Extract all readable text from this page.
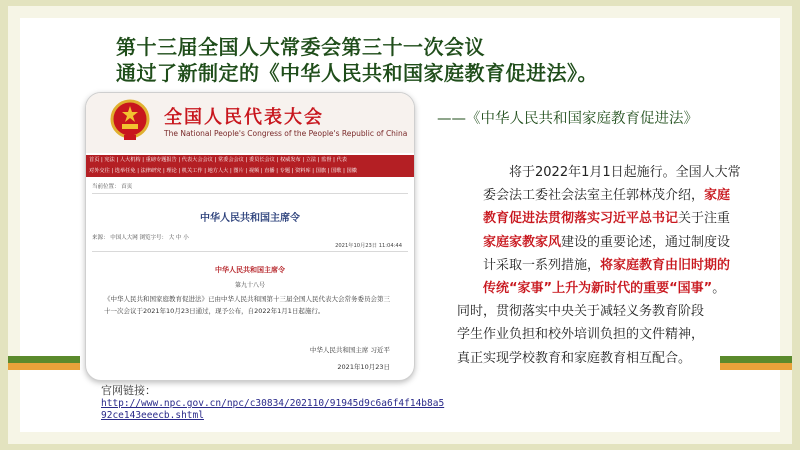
第十三届全国人大常委会第三十一次会议
通过了新制定的《中华人民共和国家庭教育促进法》。
全国人民代表大会
The National People's Congress of the People's Republic of China
首页 | 宪法 | 人大机构 | 重磅专题报告 | 代表大会会议 | 常委会会议 | 委员长会议 | 权威发布 | 立法 | 监督 | 代表
对外交往 | 选举任免 | 法律研究 | 理论 | 机关工作 | 地方人大 | 图片 | 视频 | 直播 | 专题 | 资料库 | 国旗 | 国歌 | 国徽
当前位置： 首页
中华人民共和国主席令
来源： 中国人大网 浏览字号： 大 中 小
2021年10月23日 11:04:44
中华人民共和国主席令
第九十八号
《中华人民共和国家庭教育促进法》已由中华人民共和国第十三届全国人民代表大会常务委员会第三十一次会议于2021年10月23日通过，现予公布，自2022年1月1日起施行。
中华人民共和国主席 习近平
2021年10月23日
官网链接：
http://www.npc.gov.cn/npc/c30834/202110/91945d9c6a6f4f14b8a592ce143eeecb.shtml
——《中华人民共和国家庭教育促进法》
将于2022年1月1日起施行。全国人大常
委会法工委社会法室主任郭林茂介绍，家庭
教育促进法贯彻落实习近平总书记关于注重
家庭家教家风建设的重要论述，通过制度设
计采取一系列措施，将家庭教育由旧时期的
传统“家事”上升为新时代的重要“国事”。
同时，贯彻落实中央关于减轻义务教育阶段
学生作业负担和校外培训负担的文件精神，
真正实现学校教育和家庭教育相互配合。
